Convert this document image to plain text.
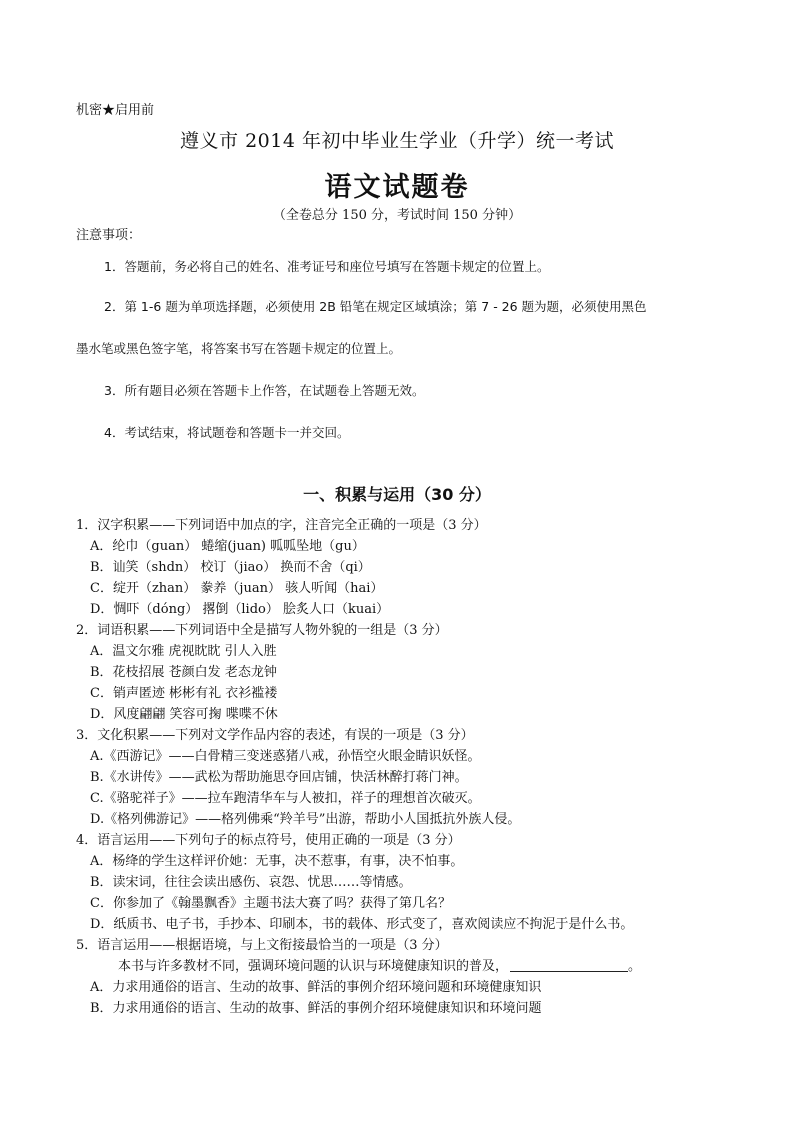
机密★启用前
遵义市 2014 年初中毕业生学业（升学）统一考试
语文试题卷
（全卷总分 150 分，考试时间 150 分钟）
注意事项：
1．答题前，务必将自己的姓名、准考证号和座位号填写在答题卡规定的位置上。
2．第 1-6 题为单项选择题，必须使用 2B 铅笔在规定区域填涂；第 7 - 26 题为题，必须使用黑色
墨水笔或黑色签字笔，将答案书写在答题卡规定的位置上。
3．所有题目必须在答题卡上作答，在试题卷上答题无效。
4．考试结束，将试题卷和答题卡一并交回。
一、积累与运用（30 分）
1．汉字积累——下列词语中加点的字，注音完全正确的一项是（3 分）
A．纶巾（guan） 蜷缩(juan) 呱呱坠地（gu）
B．讪笑（shdn） 校订（jiao） 换而不舍（qi）
C．绽开（zhan） 豢养（juan） 骇人听闻（hai）
D．惆吓（dóng） 撂倒（lido） 脍炙人口（kuai）
2．词语积累——下列词语中全是描写人物外貌的一组是（3 分）
A．温文尔雅 虎视眈眈 引人入胜
B．花枝招展 苍颜白发 老态龙钟
C．销声匿迹 彬彬有礼 衣衫褴褛
D．风度翩翩 笑容可掬 喋喋不休
3．文化积累——下列对文学作品内容的表述，有误的一项是（3 分）
A.《西游记》——白骨精三变迷惑猪八戒，孙悟空火眼金睛识妖怪。
B.《水讲传》——武松为帮助施思夺回店铺，快活林醉打蒋门神。
C.《骆驼祥子》——拉车跑清华车与人被扣，祥子的理想首次破灭。
D.《格列佛游记》——格列佛乘“羚羊号”出游，帮助小人国抵抗外族人侵。
4．语言运用——下列句子的标点符号，使用正确的一项是（3 分）
A．杨绛的学生这样评价她：无事，决不惹事，有事，决不怕事。
B．读宋词，往往会读出感伤、哀怨、忧思……等情感。
C．你参加了《翰墨飘香》主题书法大赛了吗？获得了第几名？
D．纸质书、电子书，手抄本、印刷本，书的载体、形式变了，喜欢阅读应不拘泥于是什么书。
5．语言运用——根据语境，与上文衔接最恰当的一项是（3 分）
本书与许多教材不同，强调环境问题的认识与环境健康知识的普及，	。
A．力求用通俗的语言、生动的故事、鲜活的事例介绍环境问题和环境健康知识
B．力求用通俗的语言、生动的故事、鲜活的事例介绍环境健康知识和环境问题
